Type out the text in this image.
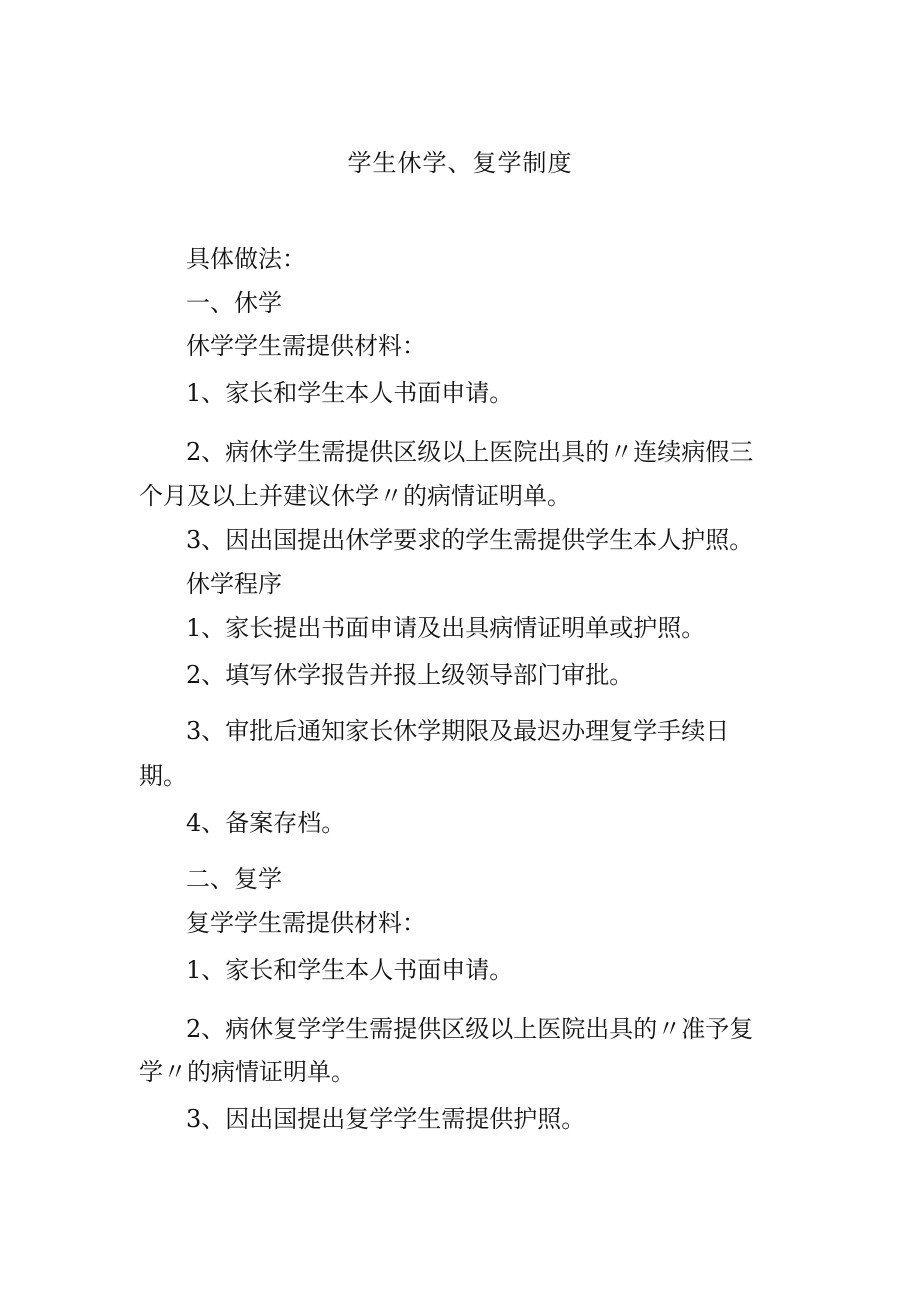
学生休学、复学制度

具体做法：

一、休学

休学学生需提供材料：

1、家长和学生本人书面申请。

2、病休学生需提供区级以上医院出具的〃连续病假三

个月及以上并建议休学〃的病情证明单。

3、因出国提出休学要求的学生需提供学生本人护照。

休学程序

1、家长提出书面申请及出具病情证明单或护照。

2、填写休学报告并报上级领导部门审批。

3、审批后通知家长休学期限及最迟办理复学手续日

期。

4、备案存档。

二、复学

复学学生需提供材料：

1、家长和学生本人书面申请。

2、病休复学学生需提供区级以上医院出具的〃准予复

学〃的病情证明单。

3、因出国提出复学学生需提供护照。
